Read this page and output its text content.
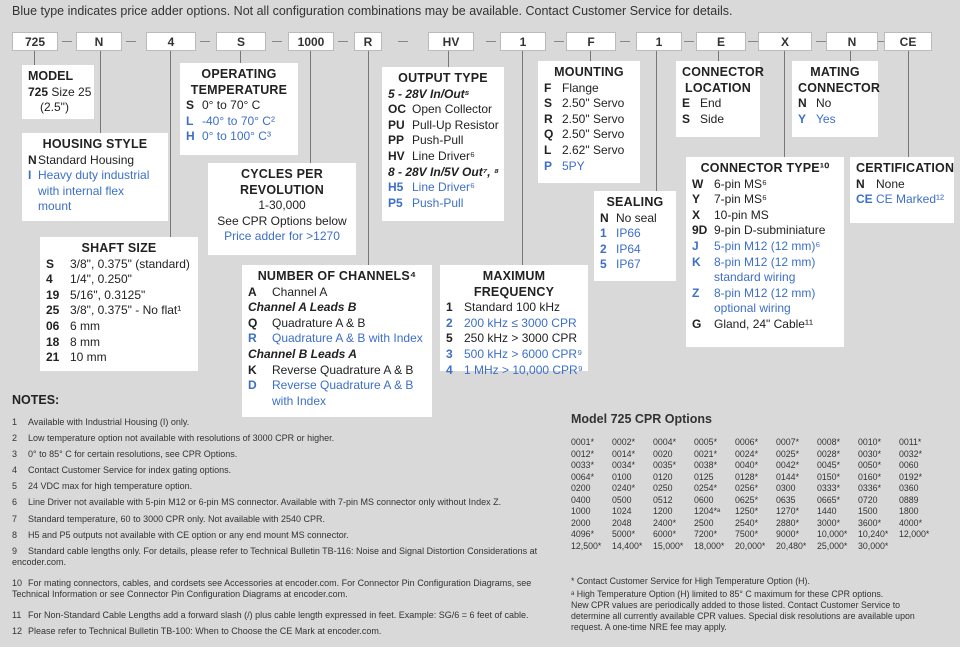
Blue type indicates price adder options. Not all configuration combinations may be available. Contact Customer Service for details.
725	N	4	S	1000	R	HV	1	F	1	E	X	N	CE
MODEL
725 Size 25
(2.5")
HOUSING STYLE
NStandard Housing
I Heavy duty industrial
with internal flex
mount
SHAFT SIZE
S 3/8", 0.375" (standard)
4 1/4", 0.250"
19 5/16", 0.3125"
25 3/8", 0.375" - No flat¹
06 6 mm
18 8 mm
21 10 mm
OPERATING
TEMPERATURE
S 0° to 70° C
L -40° to 70° C²
H 0° to 100° C³
CYCLES PER
REVOLUTION
1-30,000
See CPR Options below
Price adder for >1270
NUMBER OF CHANNELS⁴
A Channel A
Channel A Leads B
Q Quadrature A & B
R Quadrature A & B with Index
Channel B Leads A
K Reverse Quadrature A & B
D Reverse Quadrature A & B
with Index
OUTPUT TYPE
5 - 28V In/Out⁵
OC Open Collector
PU Pull-Up Resistor
PP Push-Pull
HV Line Driver⁶
8 - 28V In/5V Out⁷, ⁸
H5 Line Driver⁶
P5 Push-Pull
MAXIMUM FREQUENCY
1 Standard 100 kHz
2 200 kHz ≤ 3000 CPR
5 250 kHz > 3000 CPR
3 500 kHz > 6000 CPR⁹
4 1 MHz > 10,000 CPR⁹
MOUNTING
F Flange
S 2.50" Servo
R 2.50" Servo
Q 2.50" Servo
L 2.62" Servo
P 5PY
SEALING
N No seal
1 IP66
2 IP64
5 IP67
CONNECTOR
LOCATION
E End
S Side
MATING
CONNECTOR
N No
Y Yes
CONNECTOR TYPE¹⁰
W 6-pin MS⁶
Y 7-pin MS⁶
X 10-pin MS
9D 9-pin D-subminiature
J 5-pin M12 (12 mm)⁶
K 8-pin M12 (12 mm)
standard wiring
Z 8-pin M12 (12 mm)
optional wiring
G Gland, 24" Cable¹¹
CERTIFICATION
N None
CE CE Marked¹²
NOTES:
1 Available with Industrial Housing (I) only.
2 Low temperature option not available with resolutions of 3000 CPR or higher.
3 0° to 85° C for certain resolutions, see CPR Options.
4 Contact Customer Service for index gating options.
5 24 VDC max for high temperature option.
6 Line Driver not available with 5-pin M12 or 6-pin MS connector. Available with 7-pin MS connector only without Index Z.
7 Standard temperature, 60 to 3000 CPR only. Not available with 2540 CPR.
8 H5 and P5 outputs not available with CE option or any end mount MS connector.
9 Standard cable lengths only. For details, please refer to Technical Bulletin TB-116: Noise and Signal Distortion Considerations at
encoder.com.
10 For mating connectors, cables, and cordsets see Accessories at encoder.com. For Connector Pin Configuration Diagrams, see
Technical Information or see Connector Pin Configuration Diagrams at encoder.com.
11 For Non-Standard Cable Lengths add a forward slash (/) plus cable length expressed in feet. Example: SG/6 = 6 feet of cable.
12 Please refer to Technical Bulletin TB-100: When to Choose the CE Mark at encoder.com.
Model 725 CPR Options
0001*	0002*	0004*	0005*	0006*	0007*	0008*	0010*	0011*
0012*	0014*	0020	0021*	0024*	0025*	0028*	0030*	0032*
0033*	0034*	0035*	0038*	0040*	0042*	0045*	0050*	0060
0064*	0100	0120	0125	0128*	0144*	0150*	0160*	0192*
0200	0240*	0250	0254*	0256*	0300	0333*	0336*	0360
0400	0500	0512	0600	0625*	0635	0665*	0720	0889
1000	1024	1200	1204*ᵃ	1250*	1270*	1440	1500	1800
2000	2048	2400*	2500	2540*	2880*	3000*	3600*	4000*
4096*	5000*	6000*	7200*	7500*	9000*	10,000*	10,240*	12,000*
12,500*	14,400*	15,000*	18,000*	20,000*	20,480*	25,000*	30,000*
* Contact Customer Service for High Temperature Option (H).
ᵃ High Temperature Option (H) limited to 85° C maximum for these CPR options.
New CPR values are periodically added to those listed. Contact Customer Service to
determine all currently available CPR values. Special disk resolutions are available upon
request. A one-time NRE fee may apply.
